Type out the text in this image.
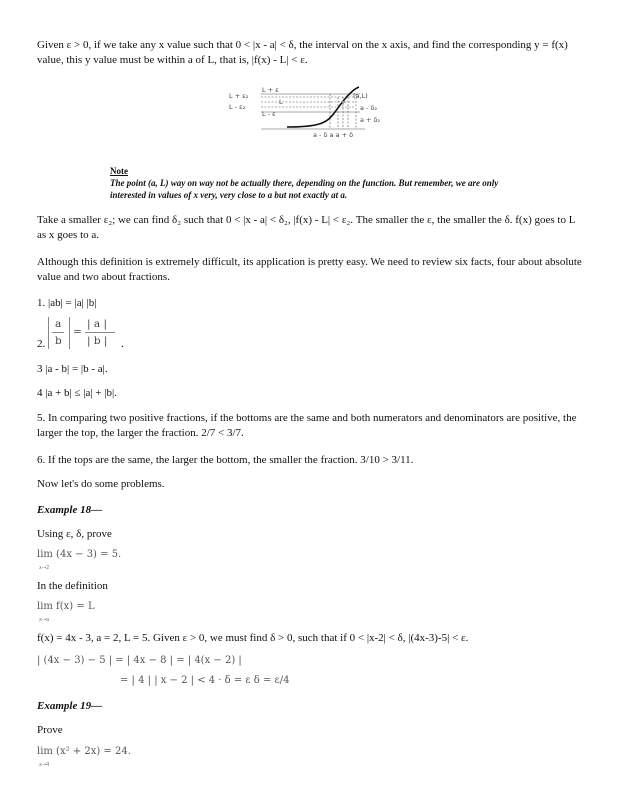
Given ε > 0, if we take any x value such that 0 < |x - a| < δ, the interval on the x axis, and find the corresponding y = f(x) value, this y value must be within a of L, that is, |f(x) - L| < ε.

L + ε
L + ε₂
L - ε₂
L
L - ε
(a,L)
a - δ₂
a + δ₂
a - δ a a + δ
Note
The point (a, L) way on way not be actually there, depending on the function. But remember, we are only interested in values of x very, very close to a but not exactly at a.

Take a smaller ε₂; we can find δ₂ such that 0 < |x - a| < δ₂, |f(x) - L| < ε₂. The smaller the ε, the smaller the δ. f(x) goes to L as x goes to a.

Although this definition is extremely difficult, its application is pretty easy. We need to review six facts, four about absolute value and two about fractions.

1. |ab| = |a| |b|

2.
a
b
=
| a |
| b | .

3 |a - b| = |b - a|.

4 |a + b| ≤ |a| + |b|.

5. In comparing two positive fractions, if the bottoms are the same and both numerators and denominators are positive, the larger the top, the larger the fraction. 2/7 < 3/7.

6. If the tops are the same, the larger the bottom, the smaller the fraction. 3/10 > 3/11.

Now let's do some problems.

Example 18—

Using ε, δ, prove

lim (4x − 3) = 5.

x→2

In the definition

lim f(x) = L

x→a

f(x) = 4x - 3, a = 2, L = 5. Given ε > 0, we must find δ > 0, such that if 0 < |x-2| < δ, |(4x-3)-5| < ε.

| (4x − 3) − 5 | = | 4x − 8 | = | 4(x − 2) |

= | 4 | | x − 2 | < 4 · δ = ε δ = ε/4

Example 19—

Prove

lim (x² + 2x) = 24.

x→4
